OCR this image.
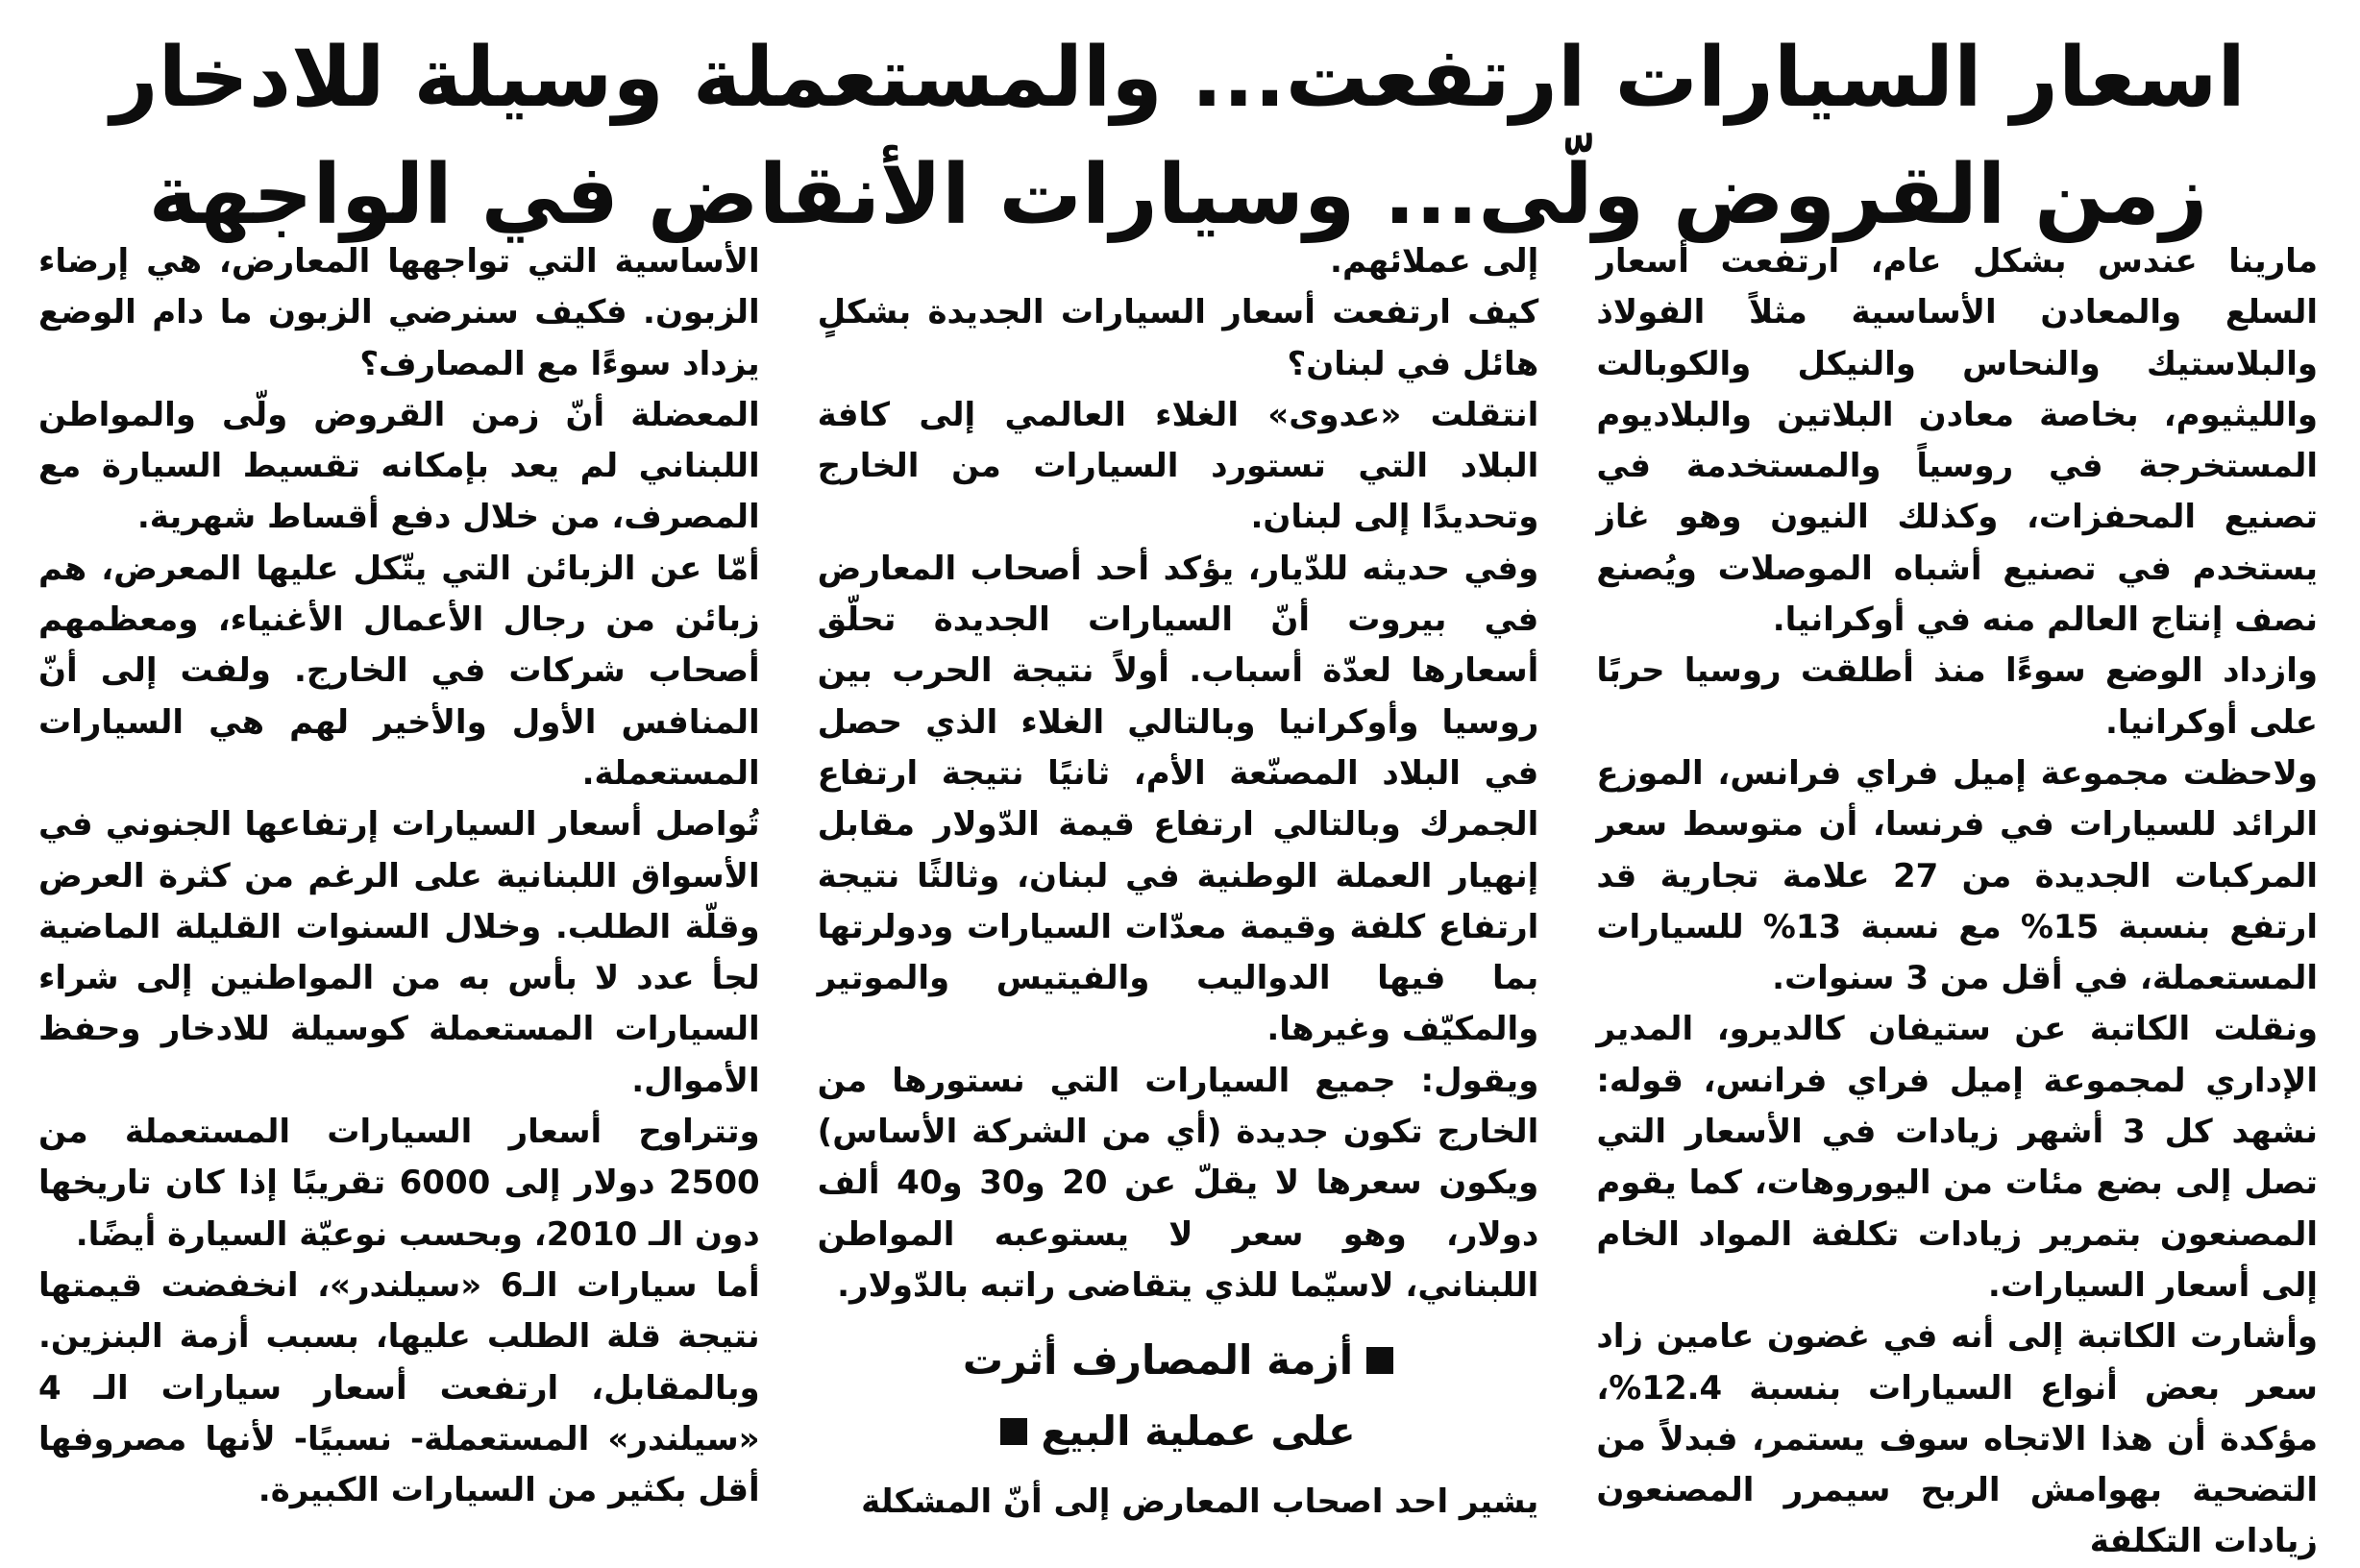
اسعار السيارات ارتفعت... والمستعملة وسيلة للادخار
زمن القروض ولّى... وسيارات الأنقاض في الواجهة

مارينا عندس بشكل عام، ارتفعت أسعار السلع والمعادن الأساسية مثلاً الفولاذ والبلاستيك والنحاس والنيكل والكوبالت والليثيوم، بخاصة معادن البلاتين والبلاديوم المستخرجة في روسياً والمستخدمة في تصنيع المحفزات، وكذلك النيون وهو غاز يستخدم في تصنيع أشباه الموصلات ويُصنع نصف إنتاج العالم منه في أوكرانيا.

وازداد الوضع سوءًا منذ أطلقت روسيا حربًا على أوكرانيا.

ولاحظت مجموعة إميل فراي فرانس، الموزع الرائد للسيارات في فرنسا، أن متوسط سعر المركبات الجديدة من 27 علامة تجارية قد ارتفع بنسبة 15% مع نسبة 13% للسيارات المستعملة، في أقل من 3 سنوات.

ونقلت الكاتبة عن ستيفان كالديرو، المدير الإداري لمجموعة إميل فراي فرانس، قوله: نشهد كل 3 أشهر زيادات في الأسعار التي تصل إلى بضع مئات من اليوروهات، كما يقوم المصنعون بتمرير زيادات تكلفة المواد الخام إلى أسعار السيارات.

وأشارت الكاتبة إلى أنه في غضون عامين زاد سعر بعض أنواع السيارات بنسبة 12.4%، مؤكدة أن هذا الاتجاه سوف يستمر، فبدلاً من التضحية بهوامش الربح سيمرر المصنعون زيادات التكلفة

إلى عملائهم.

كيف ارتفعت أسعار السيارات الجديدة بشكلٍ هائل في لبنان؟

انتقلت «عدوى» الغلاء العالمي إلى كافة البلاد التي تستورد السيارات من الخارج وتحديدًا إلى لبنان.

وفي حديثه للدّيار، يؤكد أحد أصحاب المعارض في بيروت أنّ السيارات الجديدة تحلّق أسعارها لعدّة أسباب. أولاً نتيجة الحرب بين روسيا وأوكرانيا وبالتالي الغلاء الذي حصل في البلاد المصنّعة الأم، ثانيًا نتيجة ارتفاع الجمرك وبالتالي ارتفاع قيمة الدّولار مقابل إنهيار العملة الوطنية في لبنان، وثالثًا نتيجة ارتفاع كلفة وقيمة معدّات السيارات ودولرتها بما فيها الدواليب والفيتيس والموتير والمكيّف وغيرها.

ويقول: جميع السيارات التي نستورها من الخارج تكون جديدة (أي من الشركة الأساس) ويكون سعرها لا يقلّ عن 20 و30 و40 ألف دولار، وهو سعر لا يستوعبه المواطن اللبناني، لاسيّما للذي يتقاضى راتبه بالدّولار.

أزمة المصارف أثرت
على عملية البيع

يشير احد اصحاب المعارض إلى أنّ المشكلة

الأساسية التي تواجهها المعارض، هي إرضاء الزبون. فكيف سنرضي الزبون ما دام الوضع يزداد سوءًا مع المصارف؟

المعضلة أنّ زمن القروض ولّى والمواطن اللبناني لم يعد بإمكانه تقسيط السيارة مع المصرف، من خلال دفع أقساط شهرية.

أمّا عن الزبائن التي يتّكل عليها المعرض، هم زبائن من رجال الأعمال الأغنياء، ومعظمهم أصحاب شركات في الخارج. ولفت إلى أنّ المنافس الأول والأخير لهم هي السيارات المستعملة.

تُواصل أسعار السيارات إرتفاعها الجنوني في الأسواق اللبنانية على الرغم من كثرة العرض وقلّة الطلب. وخلال السنوات القليلة الماضية لجأ عدد لا بأس به من المواطنين إلى شراء السيارات المستعملة كوسيلة للادخار وحفظ الأموال.

وتتراوح أسعار السيارات المستعملة من 2500 دولار إلى 6000 تقريبًا إذا كان تاريخها دون الـ 2010، وبحسب نوعيّة السيارة أيضًا.

أما سيارات الـ6 «سيلندر»، انخفضت قيمتها نتيجة قلة الطلب عليها، بسبب أزمة البنزين. وبالمقابل، ارتفعت أسعار سيارات الـ 4 «سيلندر» المستعملة- نسبيًا- لأنها مصروفها أقل بكثير من السيارات الكبيرة.
